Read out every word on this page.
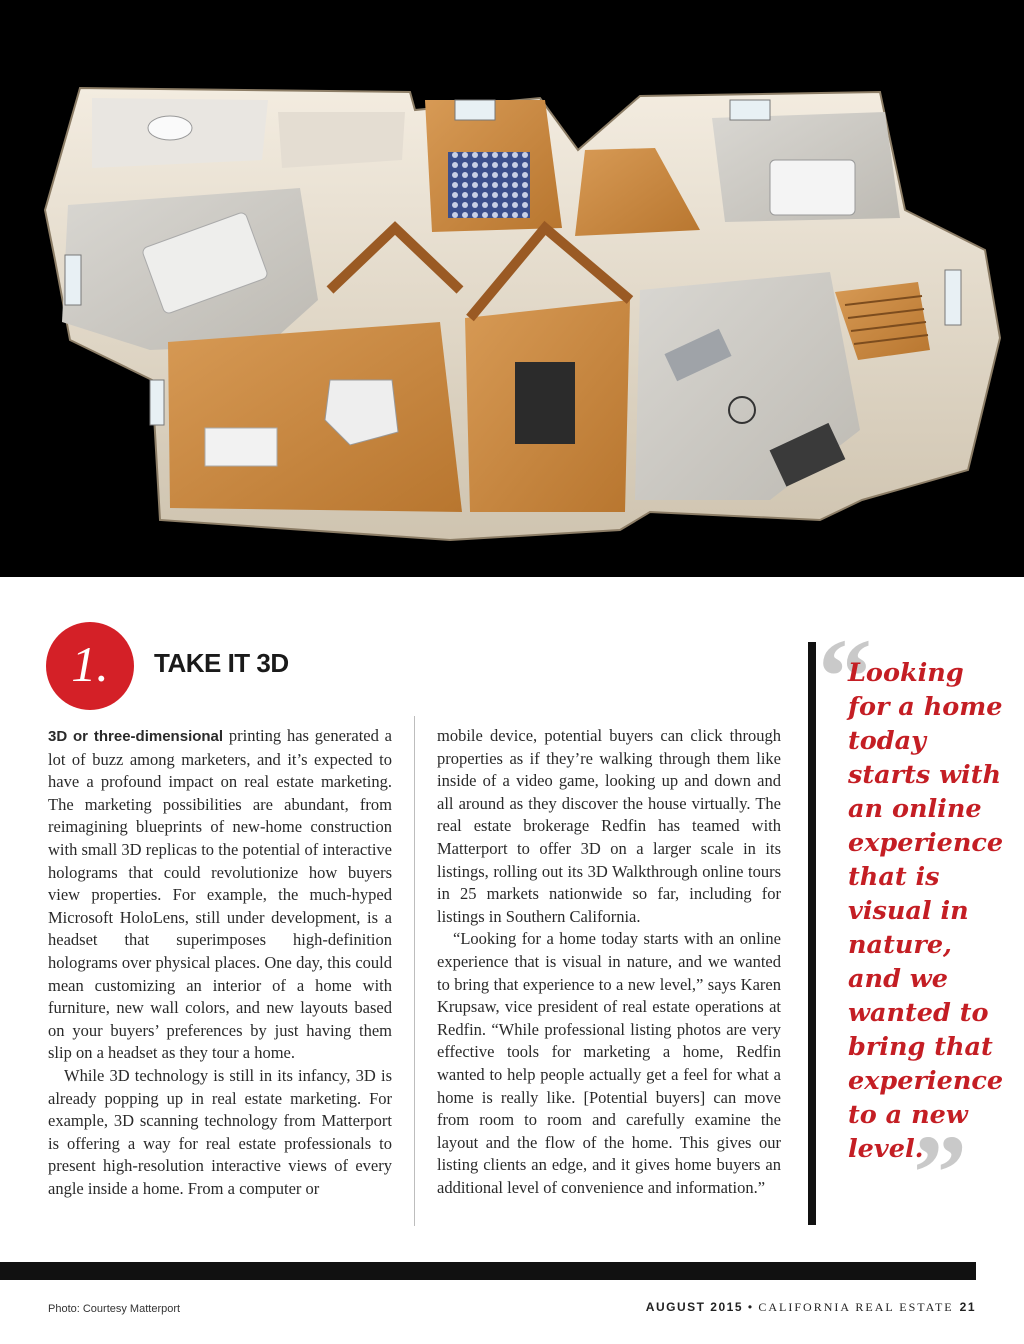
1.	TAKE IT 3D

3D or three-dimensional printing has generated a lot of buzz among marketers, and it’s expected to have a profound impact on real estate marketing. The marketing possibilities are abundant, from reimagining blueprints of new-home construction with small 3D replicas to the potential of interactive holograms that could revolutionize how buyers view properties. For example, the much-hyped Microsoft HoloLens, still under development, is a headset that superimposes high-definition holograms over physical places. One day, this could mean customizing an interior of a home with furniture, new wall colors, and new layouts based on your buyers’ preferences by just having them slip on a headset as they tour a home.

While 3D technology is still in its infancy, 3D is already popping up in real estate marketing. For example, 3D scanning technology from Matterport is offering a way for real estate professionals to present high-resolution interactive views of every angle inside a home. From a computer or

mobile device, potential buyers can click through properties as if they’re walking through them like inside of a video game, looking up and down and all around as they discover the house virtually. The real estate brokerage Redfin has teamed with Matterport to offer 3D on a larger scale in its listings, rolling out its 3D Walkthrough online tours in 25 markets nationwide so far, including for listings in Southern California.

“Looking for a home today starts with an online experience that is visual in nature, and we wanted to bring that experience to a new level,” says Karen Krupsaw, vice president of real estate operations at Redfin. “While professional listing photos are very effective tools for marketing a home, Redfin wanted to help people actually get a feel for what a home is really like. [Potential buyers] can move from room to room and carefully examine the layout and the flow of the home. This gives our listing clients an edge, and it gives home buyers an additional level of convenience and information.”

“
Looking
for a home
today
starts with
an online
experience
that is
visual in
nature,
and we
wanted to
bring that
experience
to a new
level.
”
Photo: Courtesy Matterport	AUGUST 2015 • CALIFORNIA REAL ESTATE 21
